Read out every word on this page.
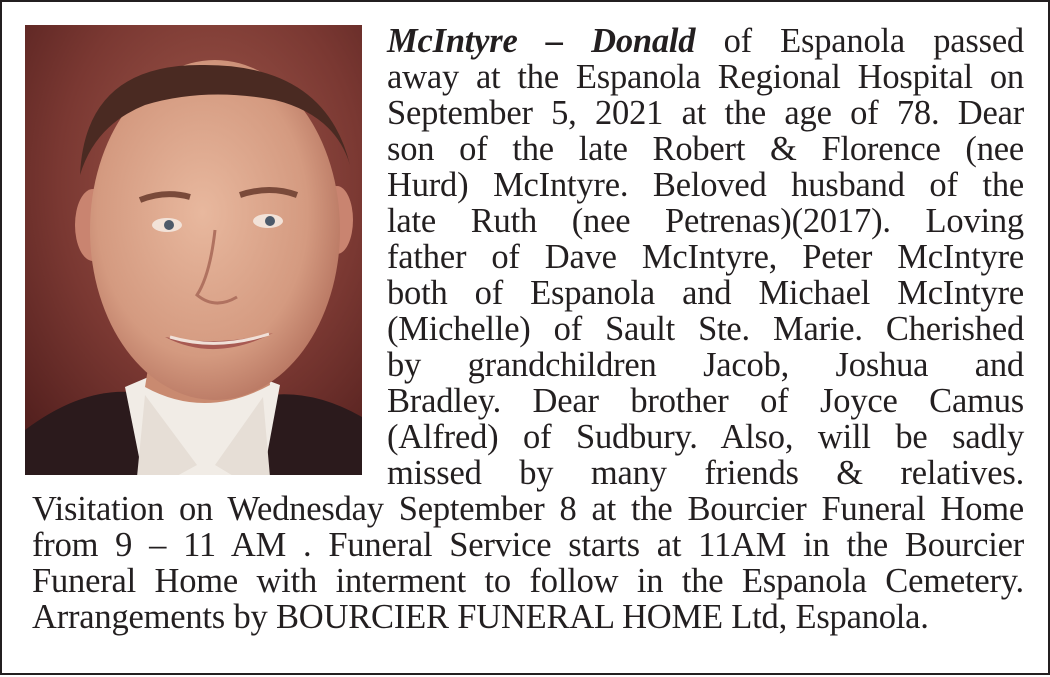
McIntyre – Donald of Espanola passed
away at the Espanola Regional Hospital on
September 5, 2021 at the age of 78. Dear
son of the late Robert & Florence (nee
Hurd) McIntyre. Beloved husband of the
late Ruth (nee Petrenas)(2017). Loving
father of Dave McIntyre, Peter McIntyre
both of Espanola and Michael McIntyre
(Michelle) of Sault Ste. Marie. Cherished
by grandchildren Jacob, Joshua and
Bradley. Dear brother of Joyce Camus
(Alfred) of Sudbury. Also, will be sadly
missed by many friends & relatives.
Visitation on Wednesday September 8 at the Bourcier Funeral Home
from 9 – 11 AM . Funeral Service starts at 11AM in the Bourcier
Funeral Home with interment to follow in the Espanola Cemetery.
Arrangements by BOURCIER FUNERAL HOME Ltd, Espanola.
